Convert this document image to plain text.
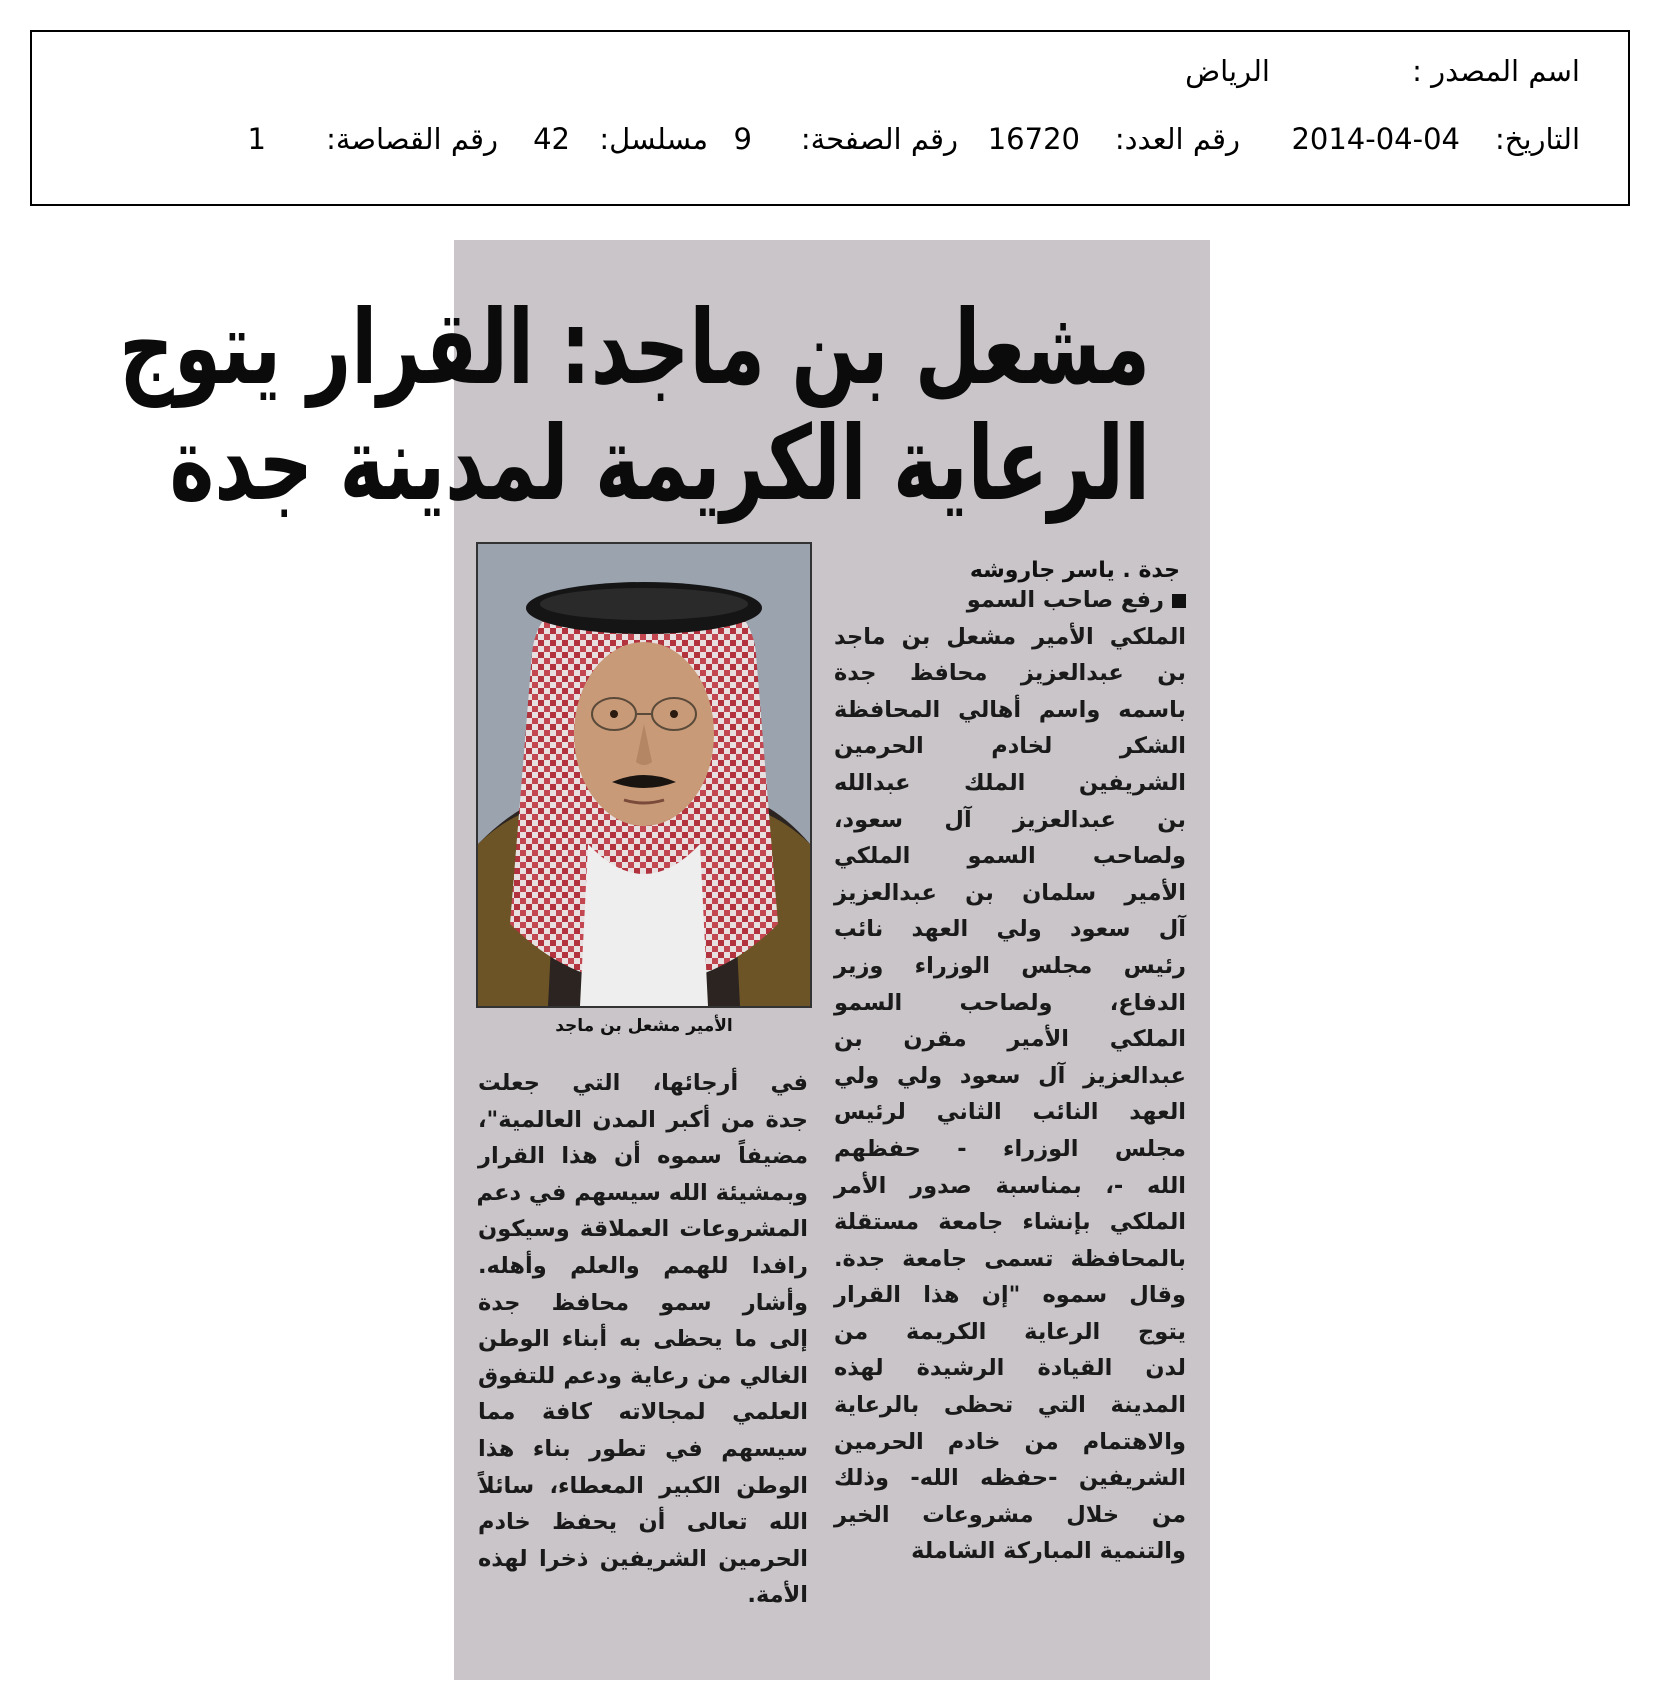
اسم المصدر :
الرياض
التاريخ:
2014-04-04
رقم العدد:
16720
رقم الصفحة:
9
مسلسل:
42
رقم القصاصة:
1
مشعل بن ماجد: القرار يتوج
الرعاية الكريمة لمدينة جدة
جدة . ياسر جاروشه
الأمير مشعل بن ماجد
رفع صاحب السمو
الملكي الأمير مشعل بن ماجد
بن عبدالعزيز محافظ جدة
باسمه واسم أهالي المحافظة
الشكر لخادم الحرمين
الشريفين الملك عبدالله
بن عبدالعزيز آل سعود،
ولصاحب السمو الملكي
الأمير سلمان بن عبدالعزيز
آل سعود ولي العهد نائب
رئيس مجلس الوزراء وزير
الدفاع، ولصاحب السمو
الملكي الأمير مقرن بن
عبدالعزيز آل سعود ولي ولي
العهد النائب الثاني لرئيس
مجلس الوزراء - حفظهم
الله -، بمناسبة صدور الأمر
الملكي بإنشاء جامعة مستقلة
بالمحافظة تسمى جامعة جدة.
وقال سموه "إن هذا القرار
يتوج الرعاية الكريمة من
لدن القيادة الرشيدة لهذه
المدينة التي تحظى بالرعاية
والاهتمام من خادم الحرمين
الشريفين -حفظه الله- وذلك
من خلال مشروعات الخير
والتنمية المباركة الشاملة
في أرجائها، التي جعلت
جدة من أكبر المدن العالمية"،
مضيفاً سموه أن هذا القرار
وبمشيئة الله سيسهم في دعم
المشروعات العملاقة وسيكون
رافدا للهمم والعلم وأهله.
وأشار سمو محافظ جدة
إلى ما يحظى به أبناء الوطن
الغالي من رعاية ودعم للتفوق
العلمي لمجالاته كافة مما
سيسهم في تطور بناء هذا
الوطن الكبير المعطاء، سائلاً
الله تعالى أن يحفظ خادم
الحرمين الشريفين ذخرا لهذه
الأمة.
